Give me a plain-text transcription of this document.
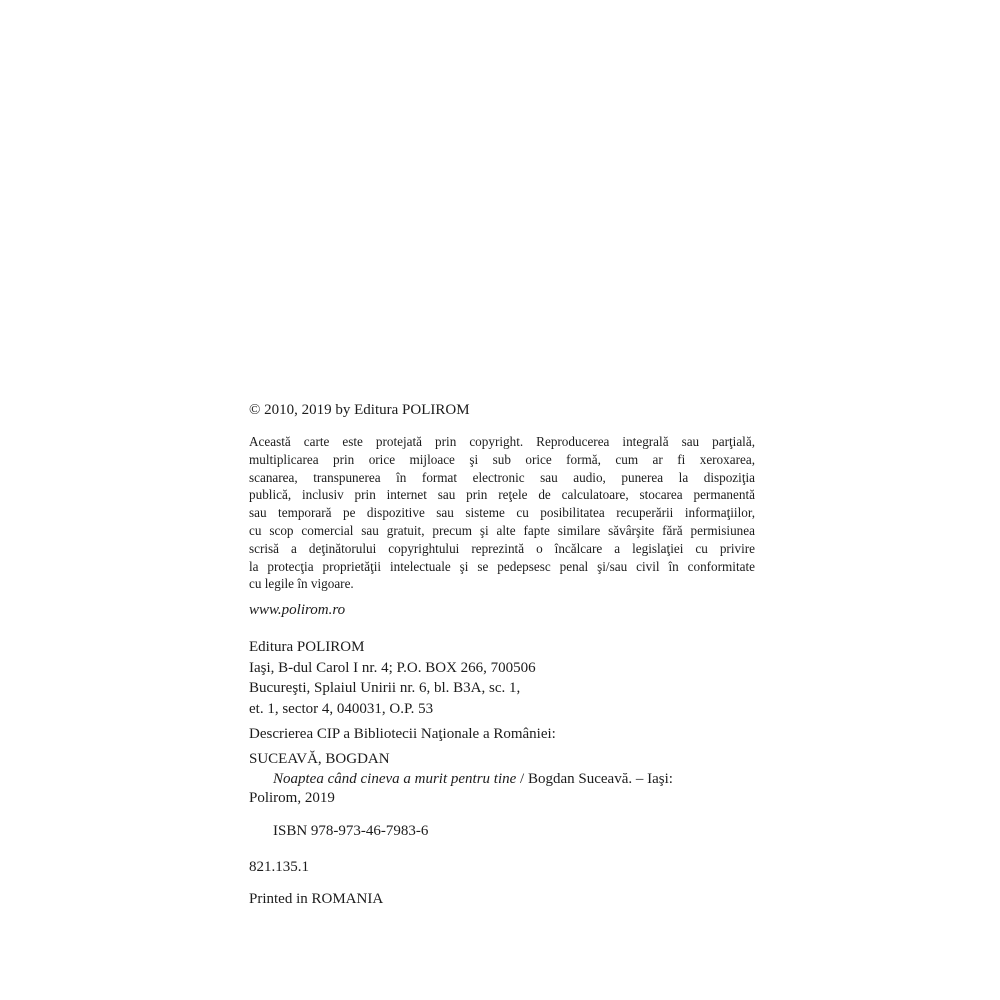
© 2010, 2019 by Editura POLIROM
Această carte este protejată prin copyright. Reproducerea integrală sau parţială,
multiplicarea prin orice mijloace şi sub orice formă, cum ar fi xeroxarea,
scanarea, transpunerea în format electronic sau audio, punerea la dispoziţia
publică, inclusiv prin internet sau prin reţele de calculatoare, stocarea permanentă
sau temporară pe dispozitive sau sisteme cu posibilitatea recuperării informaţiilor,
cu scop comercial sau gratuit, precum şi alte fapte similare săvârşite fără permisiunea
scrisă a deţinătorului copyrightului reprezintă o încălcare a legislaţiei cu privire
la protecţia proprietăţii intelectuale şi se pedepsesc penal şi/sau civil în conformitate
cu legile în vigoare.
www.polirom.ro
Editura POLIROM
Iaşi, B-dul Carol I nr. 4; P.O. BOX 266, 700506
Bucureşti, Splaiul Unirii nr. 6, bl. B3A, sc. 1,
et. 1, sector 4, 040031, O.P. 53
Descrierea CIP a Bibliotecii Naţionale a României:
SUCEAVĂ, BOGDAN
Noaptea când cineva a murit pentru tine / Bogdan Suceavă. – Iaşi:
Polirom, 2019
ISBN 978-973-46-7983-6
821.135.1
Printed in ROMANIA
